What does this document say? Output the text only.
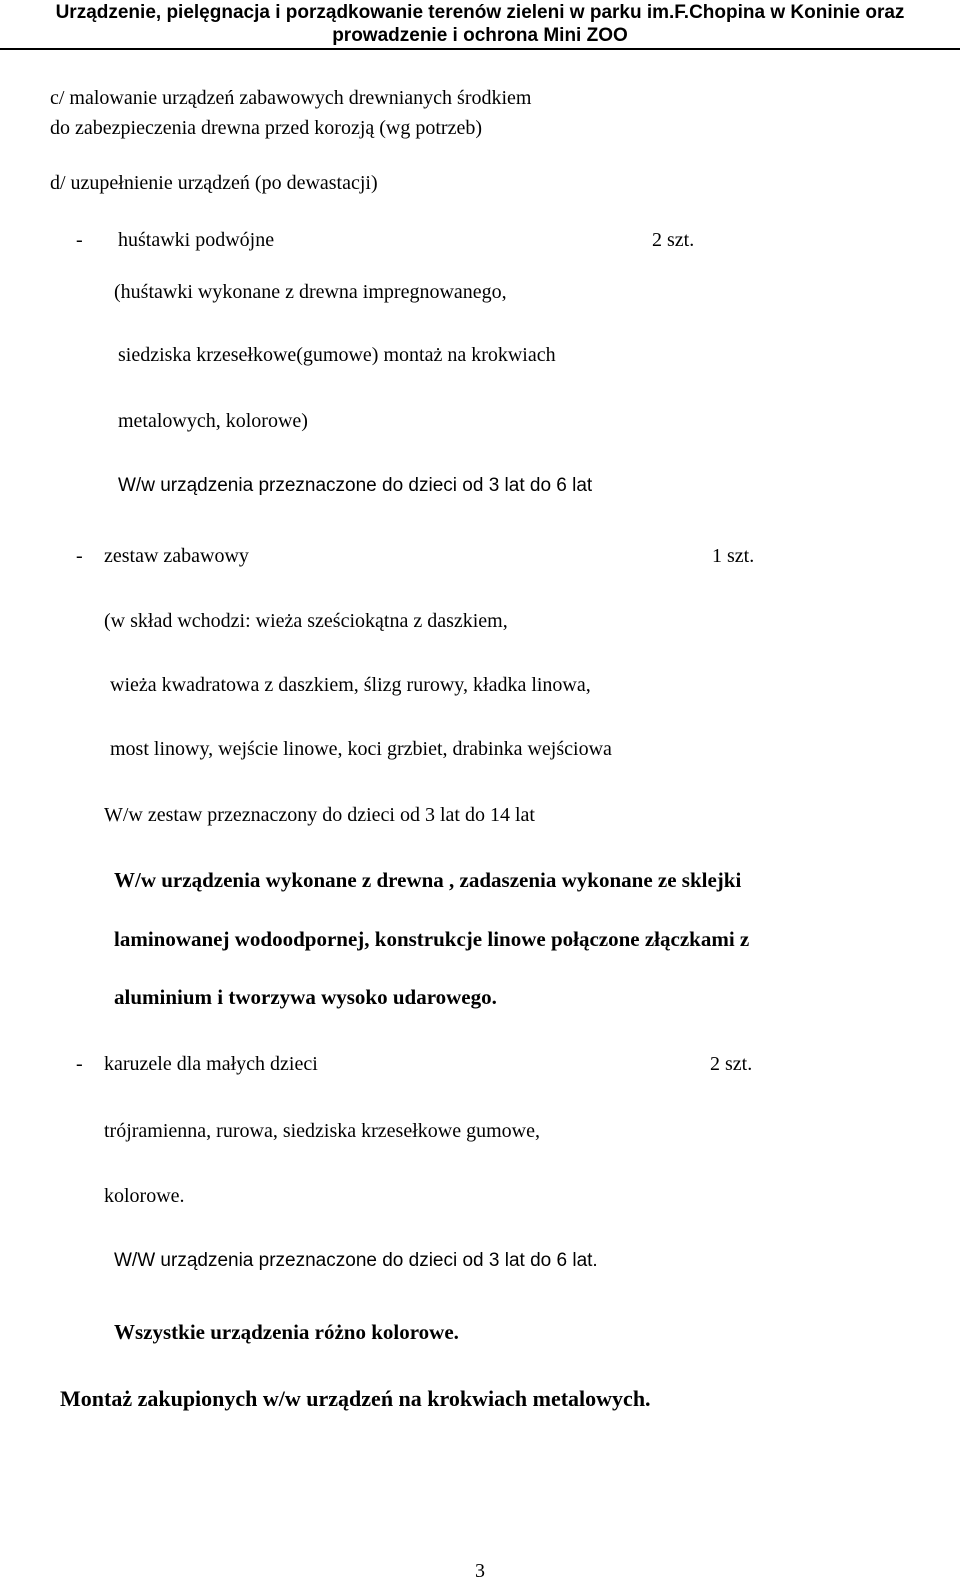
Urządzenie, pielęgnacja i porządkowanie terenów zieleni w parku im.F.Chopina w Koninie oraz
prowadzenie i ochrona Mini ZOO
c/ malowanie urządzeń zabawowych drewnianych środkiem
do zabezpieczenia drewna przed korozją (wg potrzeb)
d/ uzupełnienie urządzeń (po dewastacji)
- huśtawki podwójne	2 szt.
(huśtawki wykonane z drewna impregnowanego,
siedziska krzesełkowe(gumowe) montaż na krokwiach
metalowych, kolorowe)
W/w urządzenia przeznaczone do dzieci od 3 lat do 6 lat
- zestaw zabawowy	1 szt.
(w skład wchodzi: wieża sześciokątna z daszkiem,
wieża kwadratowa z daszkiem, ślizg rurowy, kładka linowa,
most linowy, wejście linowe, koci grzbiet, drabinka wejściowa
W/w zestaw przeznaczony do dzieci od 3 lat do 14 lat
W/w urządzenia wykonane z drewna , zadaszenia wykonane ze sklejki
laminowanej wodoodpornej, konstrukcje linowe połączone złączkami z
aluminium i tworzywa wysoko udarowego.
- karuzele dla małych dzieci	2 szt.
trójramienna, rurowa, siedziska krzesełkowe gumowe,
kolorowe.
W/W urządzenia przeznaczone do dzieci od 3 lat do 6 lat.
Wszystkie urządzenia różno kolorowe.
Montaż zakupionych w/w urządzeń na krokwiach metalowych.
3
